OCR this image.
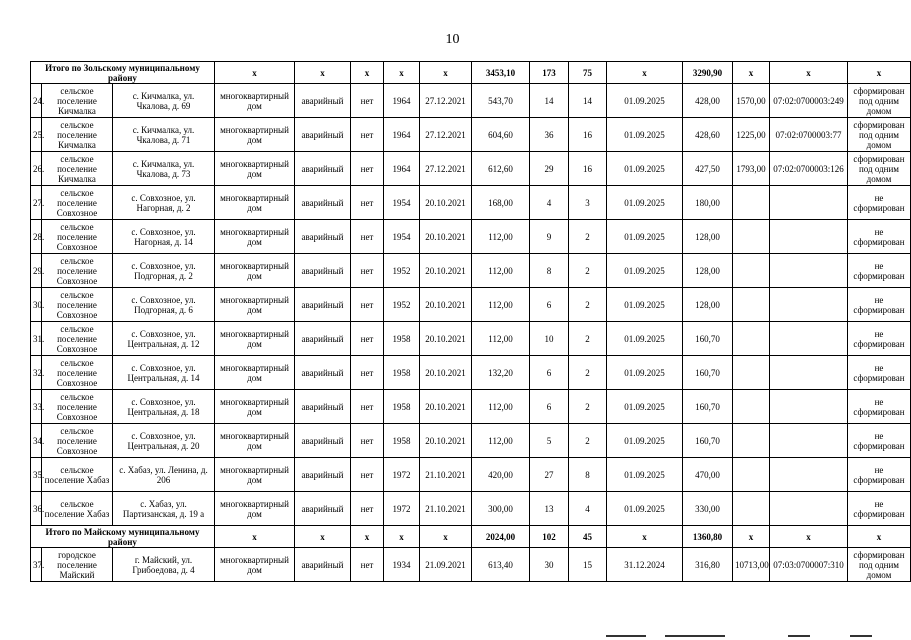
10
Итого по Зольскому муниципальному району			x	x	x	x	x	3453,10	173	75	x	3290,90	x	x	x
24.	сельское поселение Кичмалка	с. Кичмалка, ул. Чкалова, д. 69	многоквартирный дом	аварийный	нет	1964	27.12.2021	543,70	14	14	01.09.2025	428,00	1570,00	07:02:0700003:249	сформирован под одним домом
25.	сельское поселение Кичмалка	с. Кичмалка, ул. Чкалова, д. 71	многоквартирный дом	аварийный	нет	1964	27.12.2021	604,60	36	16	01.09.2025	428,60	1225,00	07:02:0700003:77	сформирован под одним домом
26.	сельское поселение Кичмалка	с. Кичмалка, ул. Чкалова, д. 73	многоквартирный дом	аварийный	нет	1964	27.12.2021	612,60	29	16	01.09.2025	427,50	1793,00	07:02:0700003:126	сформирован под одним домом
27.	сельское поселение Совхозное	с. Совхозное, ул. Нагорная, д. 2	многоквартирный дом	аварийный	нет	1954	20.10.2021	168,00	4	3	01.09.2025	180,00			не сформирован
28.	сельское поселение Совхозное	с. Совхозное, ул. Нагорная, д. 14	многоквартирный дом	аварийный	нет	1954	20.10.2021	112,00	9	2	01.09.2025	128,00			не сформирован
29.	сельское поселение Совхозное	с. Совхозное, ул. Подгорная, д. 2	многоквартирный дом	аварийный	нет	1952	20.10.2021	112,00	8	2	01.09.2025	128,00			не сформирован
30.	сельское поселение Совхозное	с. Совхозное, ул. Подгорная, д. 6	многоквартирный дом	аварийный	нет	1952	20.10.2021	112,00	6	2	01.09.2025	128,00			не сформирован
31.	сельское поселение Совхозное	с. Совхозное, ул. Центральная, д. 12	многоквартирный дом	аварийный	нет	1958	20.10.2021	112,00	10	2	01.09.2025	160,70			не сформирован
32.	сельское поселение Совхозное	с. Совхозное, ул. Центральная, д. 14	многоквартирный дом	аварийный	нет	1958	20.10.2021	132,20	6	2	01.09.2025	160,70			не сформирован
33.	сельское поселение Совхозное	с. Совхозное, ул. Центральная, д. 18	многоквартирный дом	аварийный	нет	1958	20.10.2021	112,00	6	2	01.09.2025	160,70			не сформирован
34.	сельское поселение Совхозное	с. Совхозное, ул. Центральная, д. 20	многоквартирный дом	аварийный	нет	1958	20.10.2021	112,00	5	2	01.09.2025	160,70			не сформирован
35.	сельское поселение Хабаз	с. Хабаз, ул. Ленина, д. 206	многоквартирный дом	аварийный	нет	1972	21.10.2021	420,00	27	8	01.09.2025	470,00			не сформирован
36.	сельское поселение Хабаз	с. Хабаз, ул. Партизанская, д. 19 а	многоквартирный дом	аварийный	нет	1972	21.10.2021	300,00	13	4	01.09.2025	330,00			не сформирован
Итого по Майскому муниципальному району			x	x	x	x	x	2024,00	102	45	x	1360,80	x	x	x
37.	городское поселение Майский	г. Майский, ул. Грибоедова, д. 4	многоквартирный дом	аварийный	нет	1934	21.09.2021	613,40	30	15	31.12.2024	316,80	10713,00	07:03:0700007:310	сформирован под одним домом
